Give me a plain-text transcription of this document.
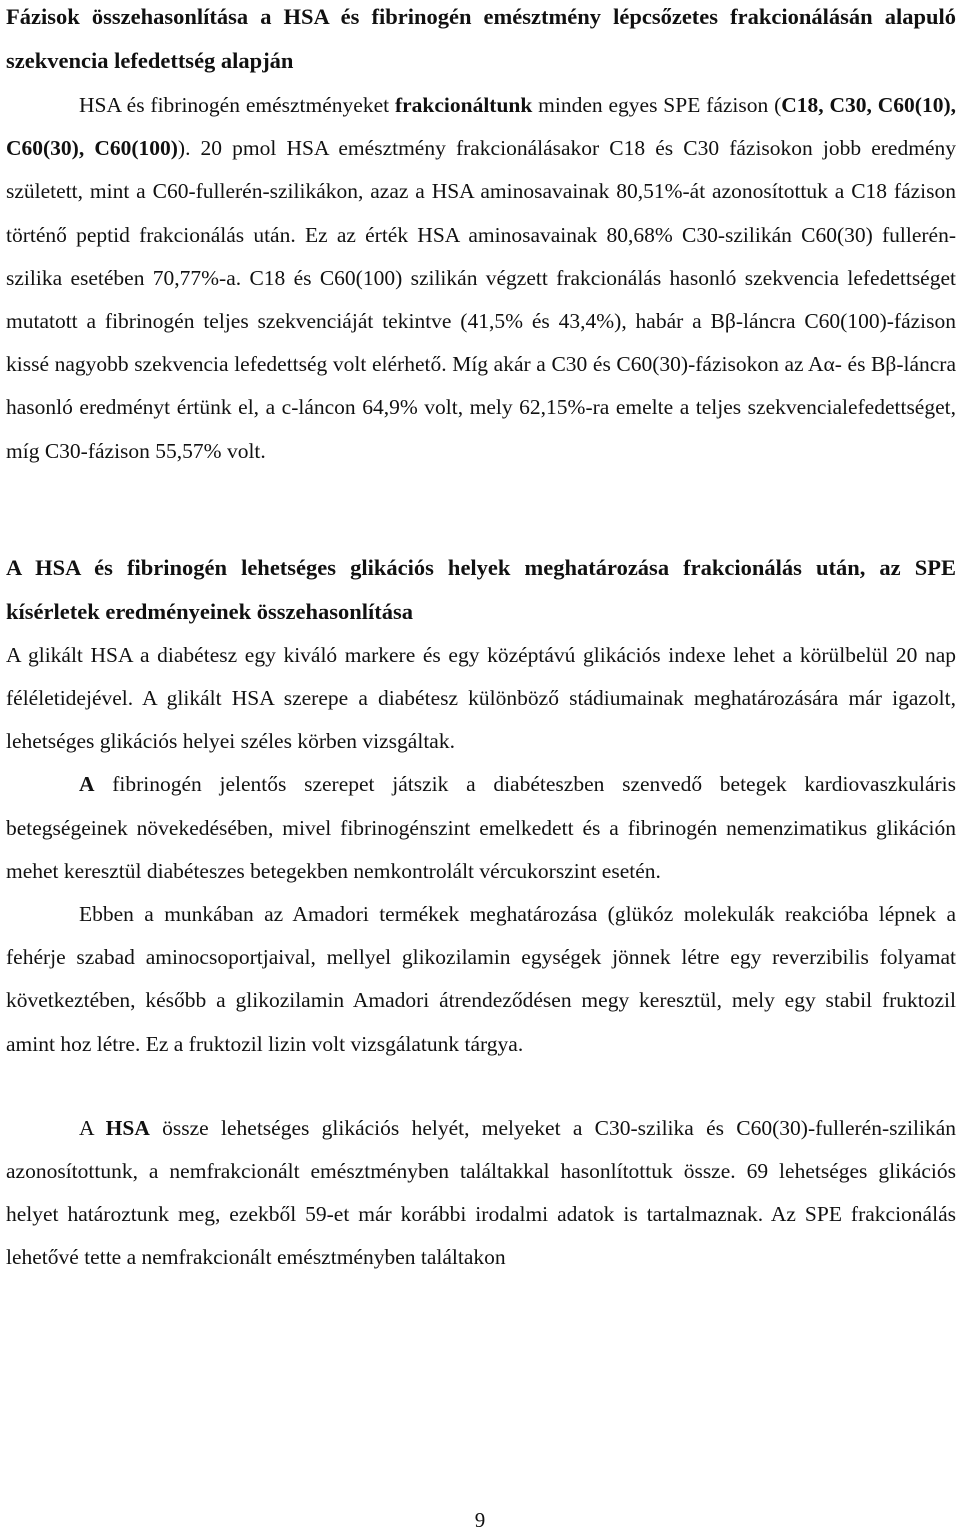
Fázisok összehasonlítása a HSA és fibrinogén emésztmény lépcsőzetes frakcionálásán alapuló szekvencia lefedettség alapján

HSA és fibrinogén emésztményeket frakcionáltunk minden egyes SPE fázison (C18, C30, C60(10), C60(30), C60(100)). 20 pmol HSA emésztmény frakcionálásakor C18 és C30 fázisokon jobb eredmény született, mint a C60-fullerén-szilikákon, azaz a HSA aminosavainak 80,51%-át azonosítottuk a C18 fázison történő peptid frakcionálás után. Ez az érték HSA aminosavainak 80,68% C30-szilikán C60(30) fullerén-szilika esetében 70,77%-a. C18 és C60(100) szilikán végzett frakcionálás hasonló szekvencia lefedettséget mutatott a fibrinogén teljes szekvenciáját tekintve (41,5% és 43,4%), habár a Bβ-láncra C60(100)-fázison kissé nagyobb szekvencia lefedettség volt elérhető. Míg akár a C30 és C60(30)-fázisokon az Aα- és Bβ-láncra hasonló eredményt értünk el, a c-láncon 64,9% volt, mely 62,15%-ra emelte a teljes szekvencialefedettséget, míg C30-fázison 55,57% volt.

A HSA és fibrinogén lehetséges glikációs helyek meghatározása frakcionálás után, az SPE kísérletek eredményeinek összehasonlítása

A glikált HSA a diabétesz egy kiváló markere és egy középtávú glikációs indexe lehet a körülbelül 20 nap féléletidejével. A glikált HSA szerepe a diabétesz különböző stádiumainak meghatározására már igazolt, lehetséges glikációs helyei széles körben vizsgáltak.

A fibrinogén jelentős szerepet játszik a diabéteszben szenvedő betegek kardiovaszkuláris betegségeinek növekedésében, mivel fibrinogénszint emelkedett és a fibrinogén nemenzimatikus glikáción mehet keresztül diabéteszes betegekben nemkontrolált vércukorszint esetén.

Ebben a munkában az Amadori termékek meghatározása (glükóz molekulák reakcióba lépnek a fehérje szabad aminocsoportjaival, mellyel glikozilamin egységek jönnek létre egy reverzibilis folyamat következtében, később a glikozilamin Amadori átrendeződésen megy keresztül, mely egy stabil fruktozil amint hoz létre. Ez a fruktozil lizin volt vizsgálatunk tárgya.

A HSA össze lehetséges glikációs helyét, melyeket a C30-szilika és C60(30)-fullerén-szilikán azonosítottunk, a nemfrakcionált emésztményben találtakkal hasonlítottuk össze. 69 lehetséges glikációs helyet határoztunk meg, ezekből 59-et már korábbi irodalmi adatok is tartalmaznak. Az SPE frakcionálás lehetővé tette a nemfrakcionált emésztményben találtakon

9
